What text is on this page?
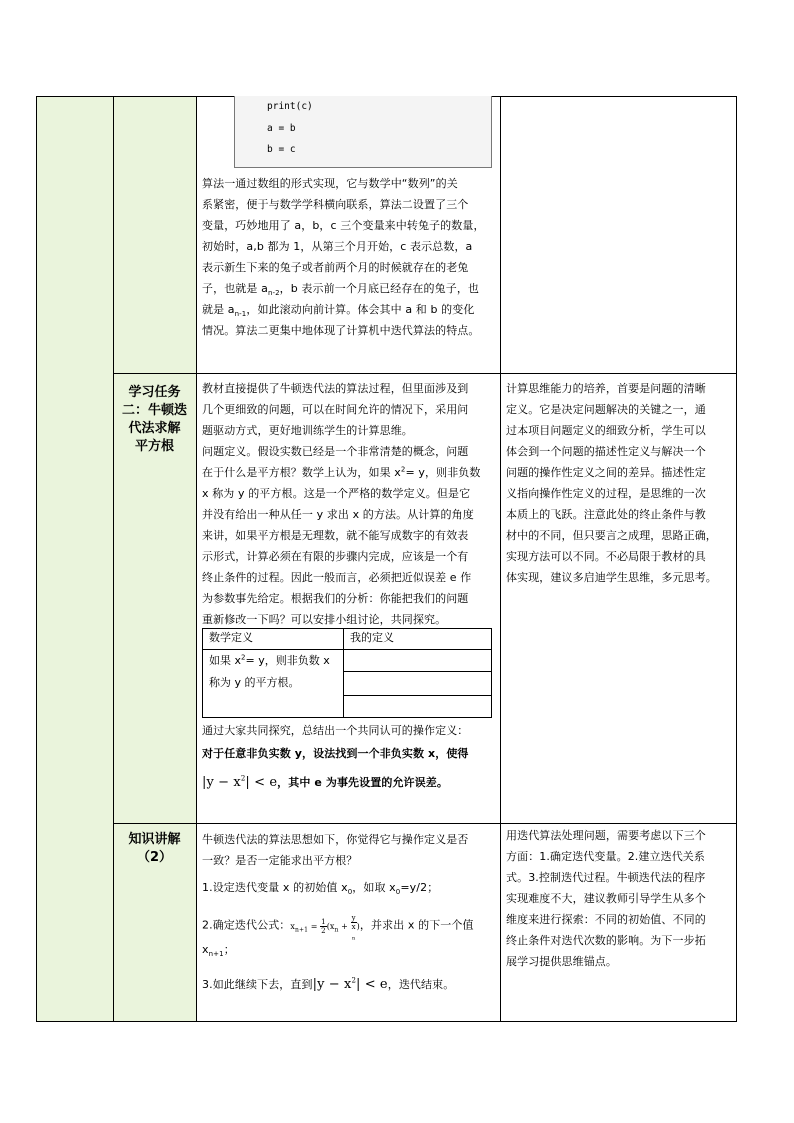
print(c)
a = b
b = c

算法一通过数组的形式实现，它与数学中“数列”的关

系紧密，便于与数学学科横向联系，算法二设置了三个

变量，巧妙地用了 a，b，c 三个变量来中转兔子的数量，

初始时，a,b 都为 1，从第三个月开始，c 表示总数，a

表示新生下来的兔子或者前两个月的时候就存在的老兔

子，也就是 $a_{n-2}$，b 表示前一个月底已经存在的兔子，也

就是 $a_{n-1}$，如此滚动向前计算。体会其中 a 和 b 的变化

情况。算法二更集中地体现了计算机中迭代算法的特点。

学习任务
二：牛顿迭
代法求解
平方根

教材直接提供了牛顿迭代法的算法过程，但里面涉及到

几个更细致的问题，可以在时间允许的情况下，采用问

题驱动方式，更好地训练学生的计算思维。

问题定义。假设实数已经是一个非常清楚的概念，问题

在于什么是平方根？数学上认为，如果 $x^2= y$，则非负数

x 称为 y 的平方根。这是一个严格的数学定义。但是它

并没有给出一种从任一 y 求出 x 的方法。从计算的角度

来讲，如果平方根是无理数，就不能写成数字的有效表

示形式，计算必须在有限的步骤内完成，应该是一个有

终止条件的过程。因此一般而言，必须把近似误差 e 作

为参数事先给定。根据我们的分析：你能把我们的问题

重新修改一下吗？可以安排小组讨论，共同探究。

数学定义	我的定义

如果 $x^2= y$，则非负数 x
称为 y 的平方根。	

通过大家共同探究，总结出一个共同认可的操作定义：

对于任意非负实数 y，设法找到一个非负实数 x，使得

$|y - x^2| < e$，其中 e 为事先设置的允许误差。

计算思维能力的培养，首要是问题的清晰

定义。它是决定问题解决的关键之一，通

过本项目问题定义的细致分析，学生可以

体会到一个问题的描述性定义与解决一个

问题的操作性定义之间的差异。描述性定

义指向操作性定义的过程，是思维的一次

本质上的飞跃。注意此处的终止条件与教

材中的不同，但只要言之成理，思路正确，

实现方法可以不同。不必局限于教材的具

体实现，建议多启迪学生思维，多元思考。

知识讲解
（2）

牛顿迭代法的算法思想如下，你觉得它与操作定义是否

一致？是否一定能求出平方根？

1.设定迭代变量 x 的初始值 $x_0$，如取 $x_0=y/2$；

2.确定迭代公式：$x_{n+1} = \frac{1}{2} (x_n + y$
x
$_n$ )，并求出 x 的下一个值

$x_{n+1}$；

3.如此继续下去，直到$|y - x^2| < e$，迭代结束。

用迭代算法处理问题，需要考虑以下三个

方面：1.确定迭代变量。2.建立迭代关系

式。3.控制迭代过程。牛顿迭代法的程序

实现难度不大，建议教师引导学生从多个

维度来进行探索：不同的初始值、不同的

终止条件对迭代次数的影响。为下一步拓

展学习提供思维锚点。
